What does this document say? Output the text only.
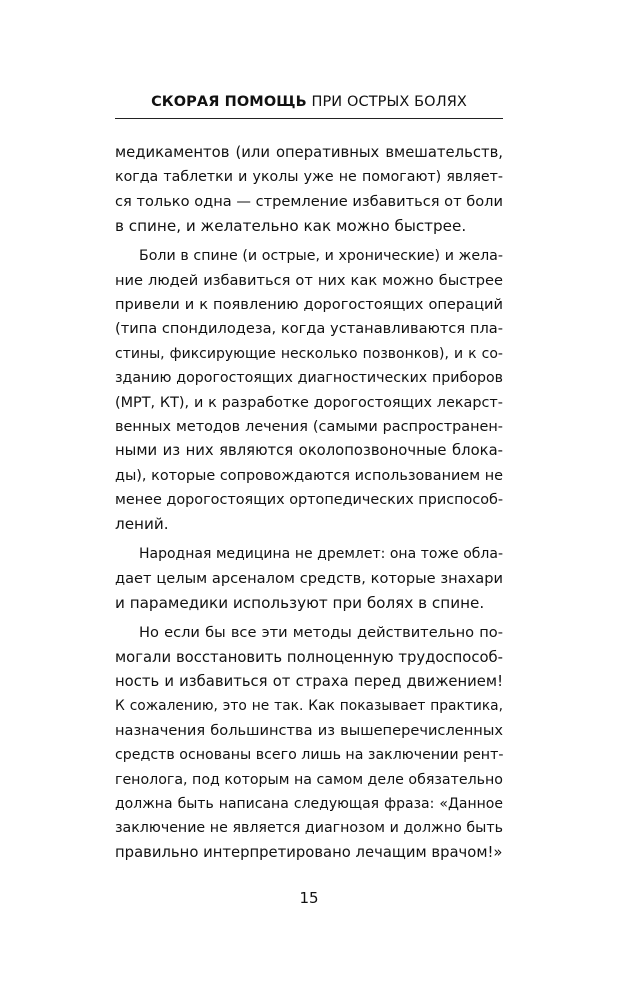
СКОРАЯ ПОМОЩЬ ПРИ ОСТРЫХ БОЛЯХ
медикаментов (или оперативных вмешательств,
когда таблетки и уколы уже не помогают) являет-
ся только одна — стремление избавиться от боли
в спине, и желательно как можно быстрее.
Боли в спине (и острые, и хронические) и жела-
ние людей избавиться от них как можно быстрее
привели и к появлению дорогостоящих операций
(типа спондилодеза, когда устанавливаются пла-
стины, фиксирующие несколько позвонков), и к со-
зданию дорогостоящих диагностических приборов
(МРТ, КТ), и к разработке дорогостоящих лекарст-
венных методов лечения (самыми распространен-
ными из них являются околопозвоночные блока-
ды), которые сопровождаются использованием не
менее дорогостоящих ортопедических приспособ-
лений.
Народная медицина не дремлет: она тоже обла-
дает целым арсеналом средств, которые знахари
и парамедики используют при болях в спине.
Но если бы все эти методы действительно по-
могали восстановить полноценную трудоспособ-
ность и избавиться от страха перед движением!
К сожалению, это не так. Как показывает практика,
назначения большинства из вышеперечисленных
средств основаны всего лишь на заключении рент-
генолога, под которым на самом деле обязательно
должна быть написана следующая фраза: «Данное
заключение не является диагнозом и должно быть
правильно интерпретировано лечащим врачом!»
15
